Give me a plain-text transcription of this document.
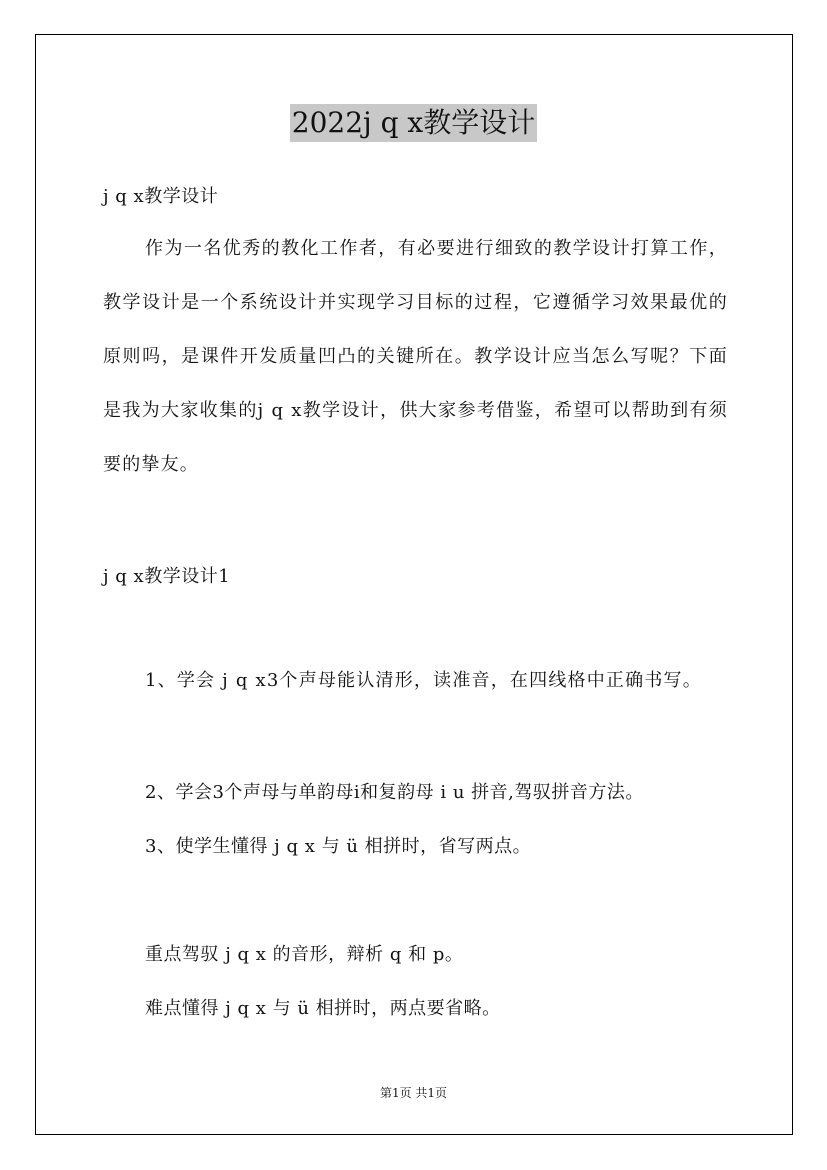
2022j q x教学设计
j q x教学设计
作为一名优秀的教化工作者，有必要进行细致的教学设计打算工作，教学设计是一个系统设计并实现学习目标的过程，它遵循学习效果最优的原则吗，是课件开发质量凹凸的关键所在。教学设计应当怎么写呢？下面是我为大家收集的j q x教学设计，供大家参考借鉴，希望可以帮助到有须要的挚友。
j q x教学设计1
1、学会 j q x3个声母能认清形，读准音，在四线格中正确书写。
2、学会3个声母与单韵母i和复韵母 i u 拼音,驾驭拼音方法。
3、使学生懂得 j q x 与 ü 相拼时，省写两点。
重点驾驭 j q x 的音形，辩析 q 和 p。
难点懂得 j q x 与 ü 相拼时，两点要省略。
第1页 共1页
